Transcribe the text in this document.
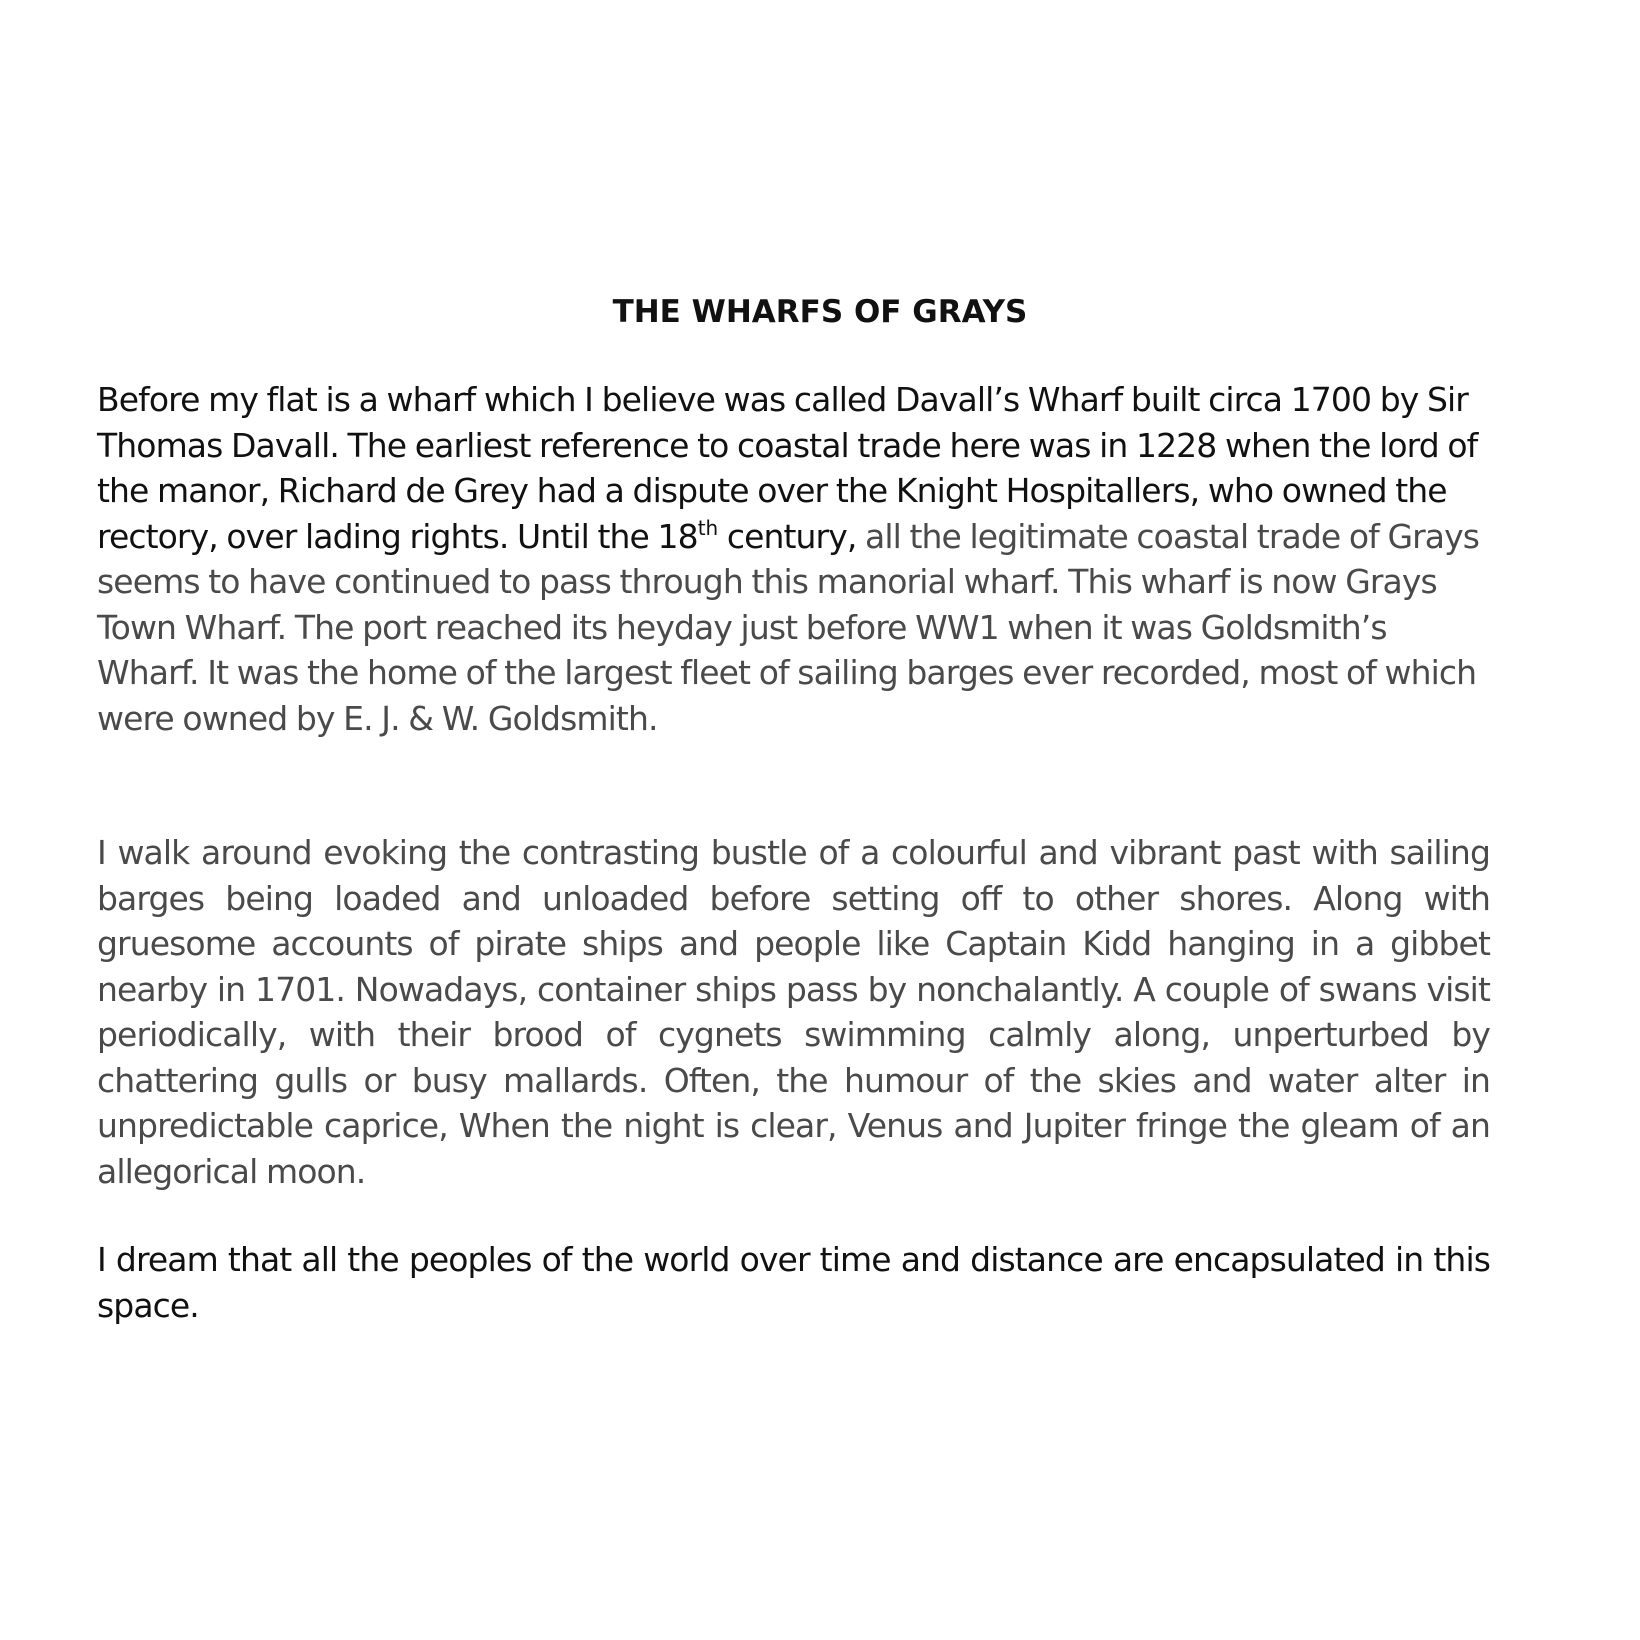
THE WHARFS OF GRAYS

Before my flat is a wharf which I believe was called Davall’s Wharf built circa 1700 by Sir Thomas Davall. The earliest reference to coastal trade here was in 1228 when the lord of the manor, Richard de Grey had a dispute over the Knight Hospitallers, who owned the rectory, over lading rights. Until the 18th century, all the legitimate coastal trade of Grays seems to have continued to pass through this manorial wharf. This wharf is now Grays Town Wharf. The port reached its heyday just before WW1 when it was Goldsmith’s Wharf. It was the home of the largest fleet of sailing barges ever recorded, most of which were owned by E. J. & W. Goldsmith.

I walk around evoking the contrasting bustle of a colourful and vibrant past with sailing barges being loaded and unloaded before setting off to other shores. Along with gruesome accounts of pirate ships and people like Captain Kidd hanging in a gibbet nearby in 1701. Nowadays, container ships pass by nonchalantly. A couple of swans visit periodically, with their brood of cygnets swimming calmly along, unperturbed by chattering gulls or busy mallards. Often, the humour of the skies and water alter in unpredictable caprice, When the night is clear, Venus and Jupiter fringe the gleam of an allegorical moon.

I dream that all the peoples of the world over time and distance are encapsulated in this space.
